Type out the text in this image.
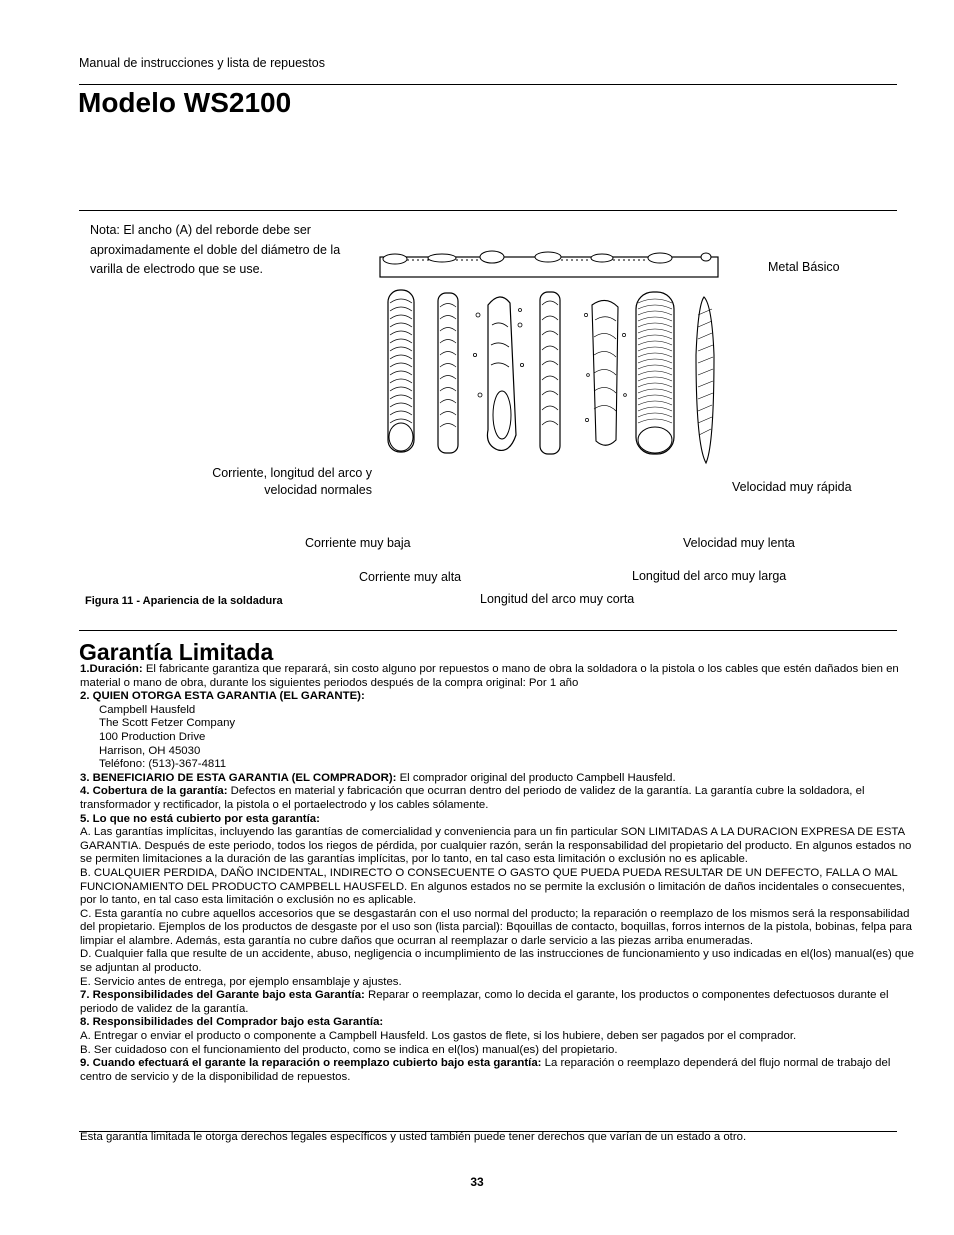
Manual de instrucciones y lista de repuestos
Modelo WS2100
Nota: El ancho (A) del reborde debe ser aproximadamente el doble del diámetro de la varilla de electrodo que se use.	Metal Básico
Corriente, longitud del arco y
velocidad normales	Velocidad muy rápida
Corriente muy baja	Velocidad muy lenta
Corriente muy alta	Longitud del arco muy larga
Longitud del arco muy corta
Figura 11 - Apariencia de la soldadura
Garantía Limitada

1.Duración: El fabricante garantiza que reparará, sin costo alguno por repuestos o mano de obra la soldadora o la pistola o los cables que estén dañados bien en material o mano de obra, durante los siguientes periodos después de la compra original: Por 1 año

2. QUIEN OTORGA ESTA GARANTIA (EL GARANTE):

Campbell Hausfeld

The Scott Fetzer Company

100 Production Drive

Harrison, OH 45030

Teléfono: (513)-367-4811

3. BENEFICIARIO DE ESTA GARANTIA (EL COMPRADOR): El comprador original del producto Campbell Hausfeld.

4. Cobertura de la garantía: Defectos en material y fabricación que ocurran dentro del periodo de validez de la garantía. La garantía cubre la soldadora, el transformador y rectificador, la pistola o el portaelectrodo y los cables sólamente.

5. Lo que no está cubierto por esta garantía:

A. Las garantías implícitas, incluyendo las garantías de comercialidad y conveniencia para un fin particular SON LIMITADAS A LA DURACION EXPRESA DE ESTA GARANTIA. Después de este periodo, todos los riegos de pérdida, por cualquier razón, serán la responsabilidad del propietario del producto. En algunos estados no se permiten limitaciones a la duración de las garantías implícitas, por lo tanto, en tal caso esta limitación o exclusión no es aplicable.

B. CUALQUIER PERDIDA, DAÑO INCIDENTAL, INDIRECTO O CONSECUENTE O GASTO QUE PUEDA PUEDA RESULTAR DE UN DEFECTO, FALLA O MAL FUNCIONAMIENTO DEL PRODUCTO CAMPBELL HAUSFELD. En algunos estados no se permite la exclusión o limitación de daños incidentales o consecuentes, por lo tanto, en tal caso esta limitación o exclusión no es aplicable.

C. Esta garantía no cubre aquellos accesorios que se desgastarán con el uso normal del producto; la reparación o reemplazo de los mismos será la responsabilidad del propietario. Ejemplos de los productos de desgaste por el uso son (lista parcial): Bqouillas de contacto, boquillas, forros internos de la pistola, bobinas, felpa para limpiar el alambre. Además, esta garantía no cubre daños que ocurran al reemplazar o darle servicio a las piezas arriba enumeradas.

D. Cualquier falla que resulte de un accidente, abuso, negligencia o incumplimiento de las instrucciones de funcionamiento y uso indicadas en el(los) manual(es) que se adjuntan al producto.

E. Servicio antes de entrega, por ejemplo ensamblaje y ajustes.

7. Responsibilidades del Garante bajo esta Garantía: Reparar o reemplazar, como lo decida el garante, los productos o componentes defectuosos durante el periodo de validez de la garantía.

8. Responsibilidades del Comprador bajo esta Garantía:

A. Entregar o enviar el producto o componente a Campbell Hausfeld. Los gastos de flete, si los hubiere, deben ser pagados por el comprador.

B. Ser cuidadoso con el funcionamiento del producto, como se indica en el(los) manual(es) del propietario.

9. Cuando efectuará el garante la reparación o reemplazo cubierto bajo esta garantía: La reparación o reemplazo dependerá del flujo normal de trabajo del centro de servicio y de la disponibilidad de repuestos.

Esta garantía limitada le otorga derechos legales específicos y usted también puede tener derechos que varían de un estado a otro.
33
